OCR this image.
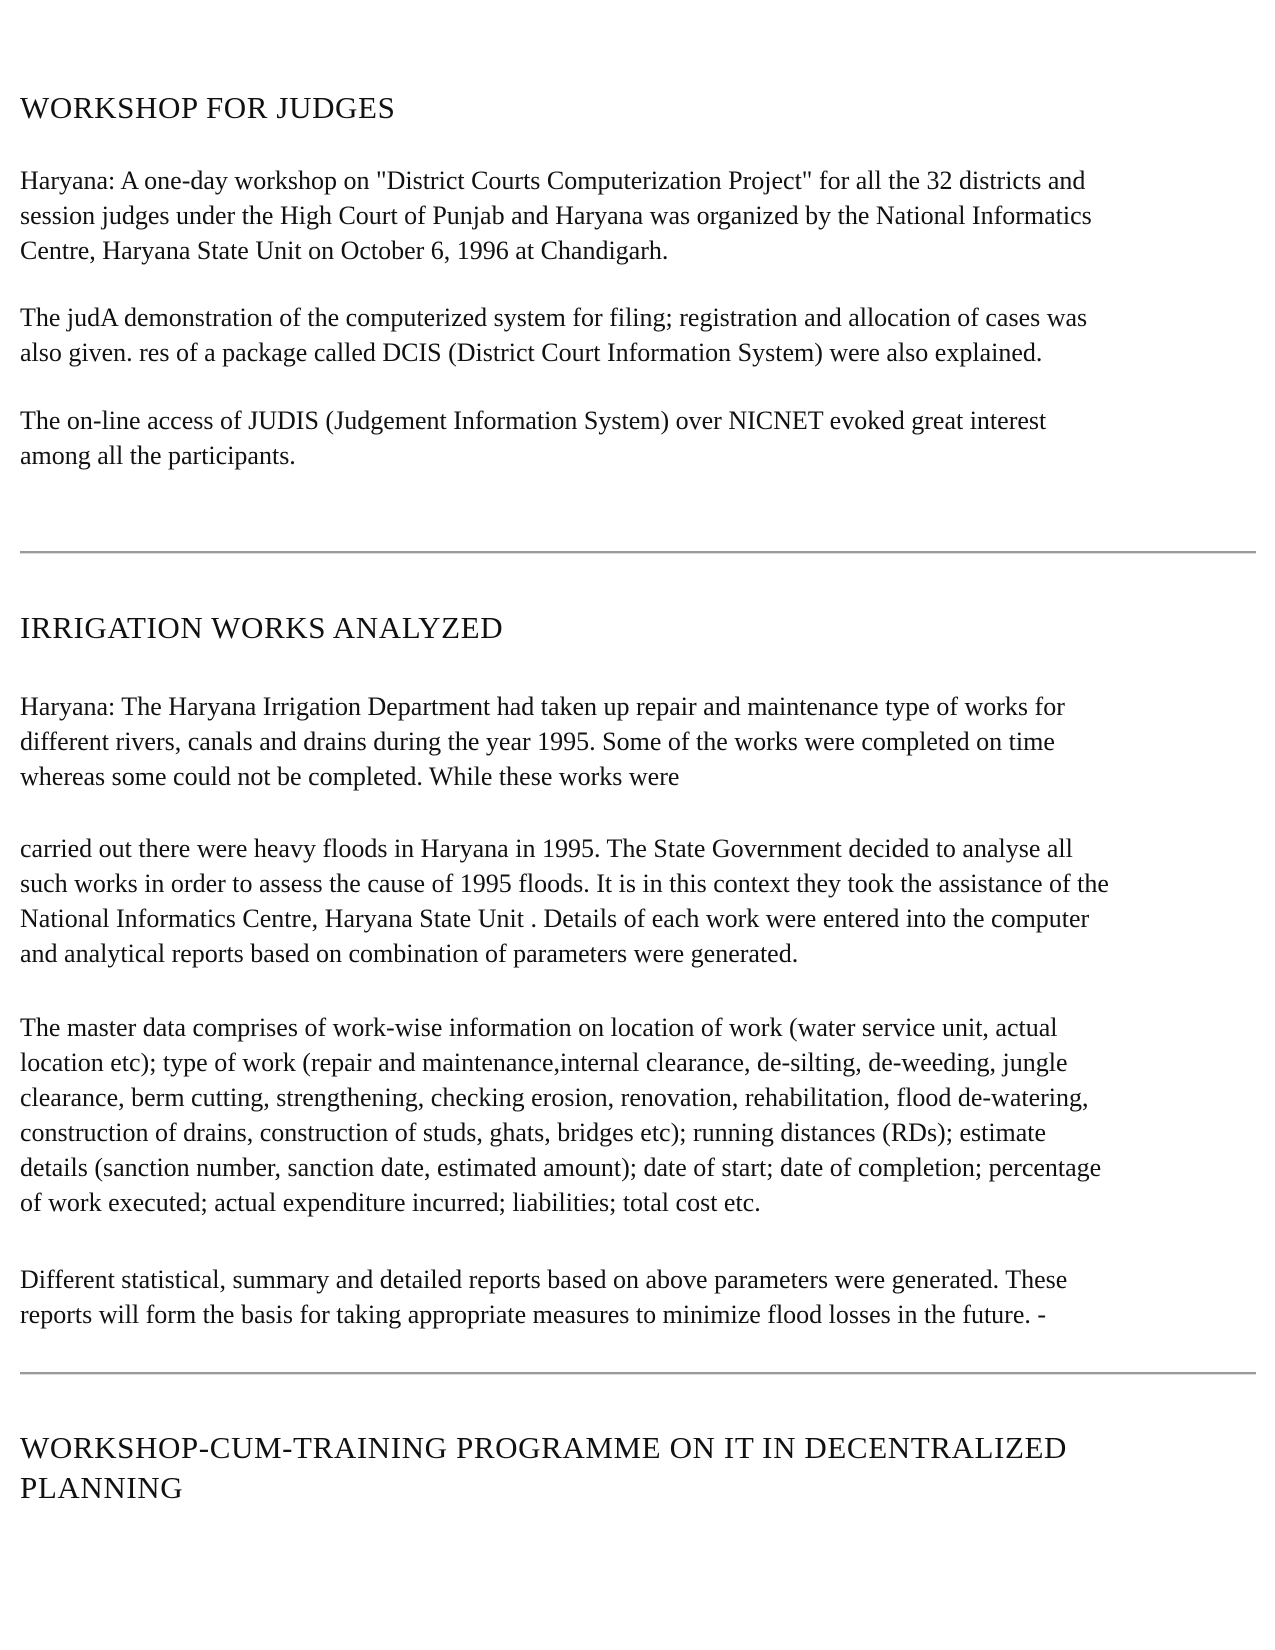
WORKSHOP FOR JUDGES

Haryana: A one-day workshop on "District Courts Computerization Project" for all the 32 districts and
session judges under the High Court of Punjab and Haryana was organized by the National Informatics
Centre, Haryana State Unit on October 6, 1996 at Chandigarh.

The judA demonstration of the computerized system for filing; registration and allocation of cases was
also given. res of a package called DCIS (District Court Information System) were also explained.

The on-line access of JUDIS (Judgement Information System) over NICNET evoked great interest
among all the participants.

IRRIGATION WORKS ANALYZED

Haryana: The Haryana Irrigation Department had taken up repair and maintenance type of works for
different rivers, canals and drains during the year 1995. Some of the works were completed on time
whereas some could not be completed. While these works were

carried out there were heavy floods in Haryana in 1995. The State Government decided to analyse all
such works in order to assess the cause of 1995 floods. It is in this context they took the assistance of the
National Informatics Centre, Haryana State Unit . Details of each work were entered into the computer
and analytical reports based on combination of parameters were generated.

The master data comprises of work-wise information on location of work (water service unit, actual
location etc); type of work (repair and maintenance,internal clearance, de-silting, de-weeding, jungle
clearance, berm cutting, strengthening, checking erosion, renovation, rehabilitation, flood de-watering,
construction of drains, construction of studs, ghats, bridges etc); running distances (RDs); estimate
details (sanction number, sanction date, estimated amount); date of start; date of completion; percentage
of work executed; actual expenditure incurred; liabilities; total cost etc.

Different statistical, summary and detailed reports based on above parameters were generated. These
reports will form the basis for taking appropriate measures to minimize flood losses in the future. -

WORKSHOP-CUM-TRAINING PROGRAMME ON IT IN DECENTRALIZED
PLANNING
